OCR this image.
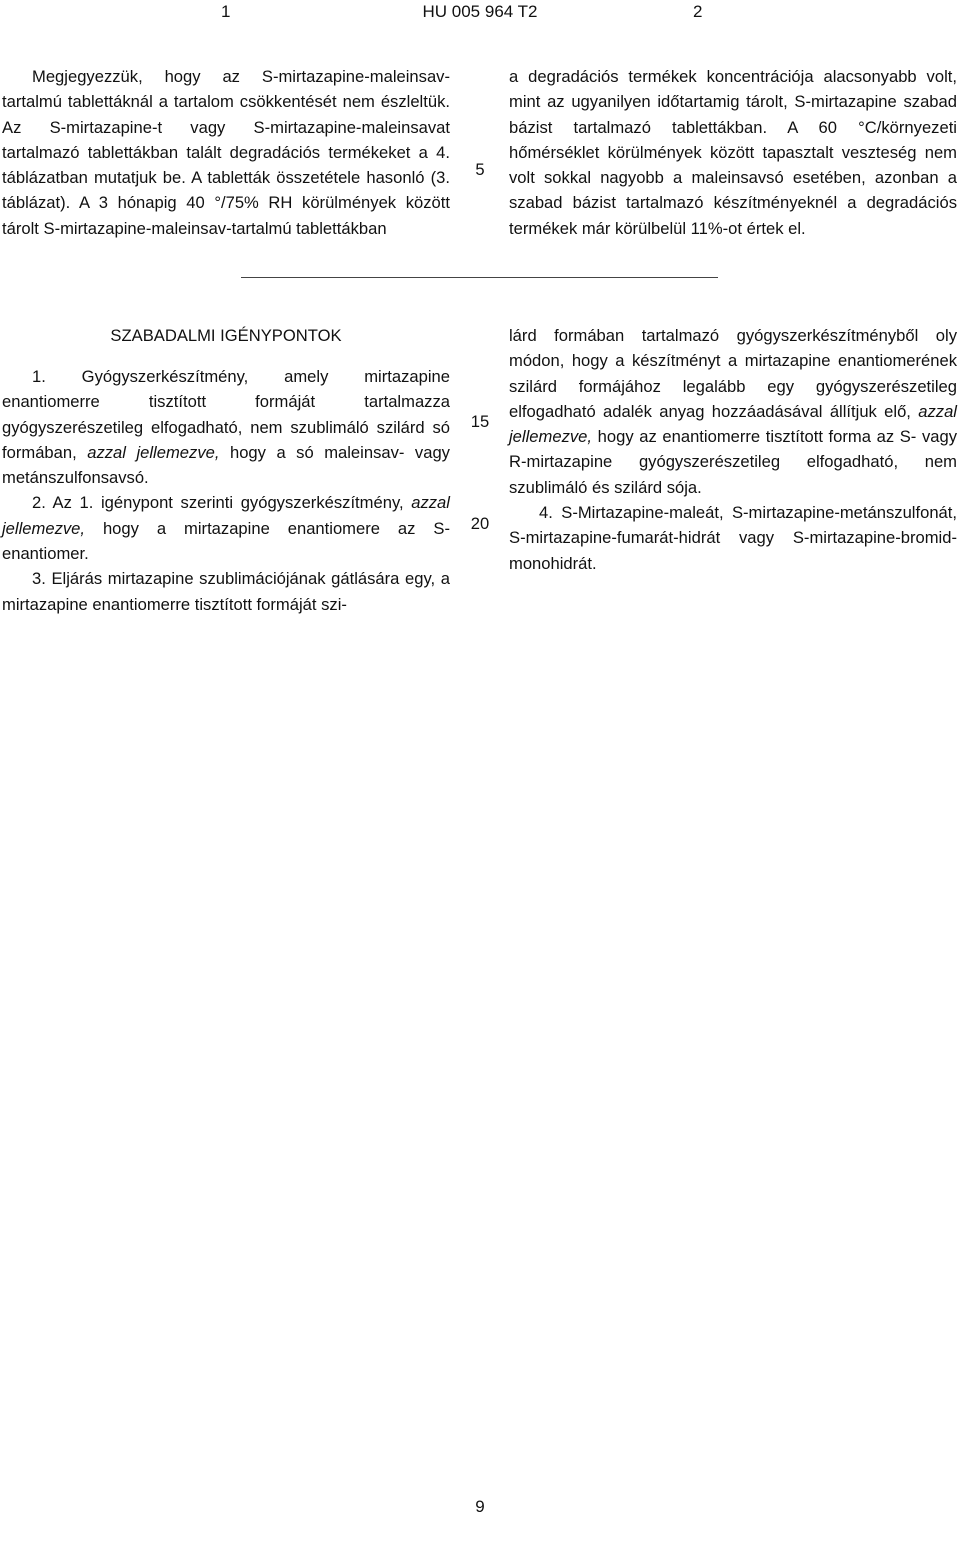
1	HU 005 964 T2	2

Megjegyezzük, hogy az S-mirtazapine-maleinsav-tartalmú tablettáknál a tartalom csökkentését nem észleltük. Az S-mirtazapine-t vagy S-mirtazapine-maleinsavat tartalmazó tablettákban talált degradációs termékeket a 4. táblázatban mutatjuk be. A tabletták összetétele hasonló (3. táblázat). A 3 hónapig 40 °/75% RH körülmények között tárolt S-mirtazapine-maleinsav-tartalmú tablettákban

a degradációs termékek koncentrációja alacsonyabb volt, mint az ugyanilyen időtartamig tárolt, S-mirtazapine szabad bázist tartalmazó tablettákban. A 60 °C/környezeti hőmérséklet körülmények között tapasztalt veszteség nem volt sokkal nagyobb a maleinsavsó esetében, azonban a szabad bázist tartalmazó készítményeknél a degradációs termékek már körülbelül 11%-ot értek el.

5
15
20
SZABADALMI IGÉNYPONTOK

1. Gyógyszerkészítmény, amely mirtazapine enantiomerre tisztított formáját tartalmazza gyógyszerészetileg elfogadható, nem szublimáló szilárd só formában, azzal jellemezve, hogy a só maleinsav- vagy metánszulfonsavsó.

2. Az 1. igénypont szerinti gyógyszerkészítmény, azzal jellemezve, hogy a mirtazapine enantiomere az S-enantiomer.

3. Eljárás mirtazapine szublimációjának gátlására egy, a mirtazapine enantiomerre tisztított formáját szi-

lárd formában tartalmazó gyógyszerkészítményből oly módon, hogy a készítményt a mirtazapine enantiomerének szilárd formájához legalább egy gyógyszerészetileg elfogadható adalék anyag hozzáadásával állítjuk elő, azzal jellemezve, hogy az enantiomerre tisztított forma az S- vagy R-mirtazapine gyógyszerészetileg elfogadható, nem szublimáló és szilárd sója.

4. S-Mirtazapine-maleát, S-mirtazapine-metánszulfonát, S-mirtazapine-fumarát-hidrát vagy S-mirtazapine-bromid-monohidrát.

9
